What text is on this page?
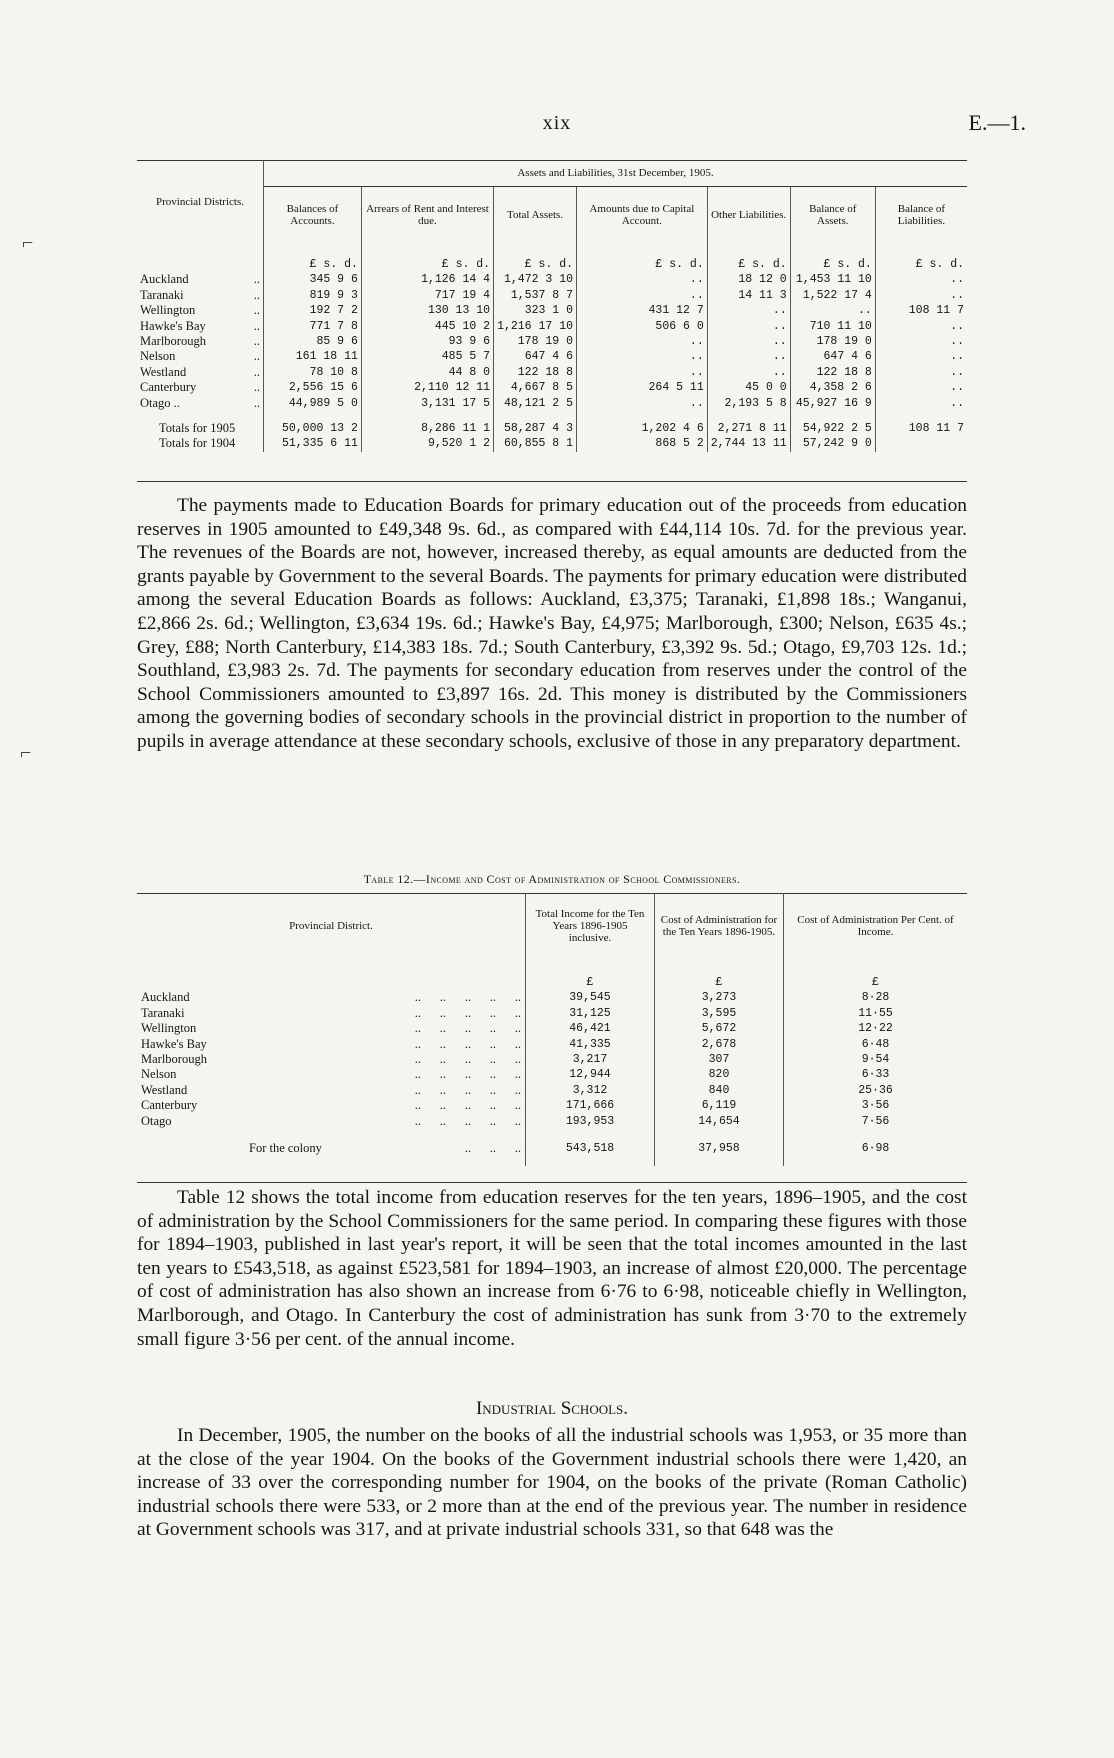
xix	E.—1.
⌐
⌐
Provincial Districts.	Assets and Liabilities, 31st December, 1905.						
	Balances of Accounts.	Arrears of Rent and Interest due.	Total Assets.	Amounts due to Capital Account.	Other Liabilities.	Balance of Assets.	Balance of Liabilities.
	£ s. d.	£ s. d.	£ s. d.	£ s. d.	£ s. d.	£ s. d.	£ s. d.
Auckland ..	345 9 6	1,126 14 4	1,472 3 10	..	18 12 0	1,453 11 10	..
Taranaki ..	819 9 3	717 19 4	1,537 8 7	..	14 11 3	1,522 17 4	..
Wellington ..	192 7 2	130 13 10	323 1 0	431 12 7	..	..	108 11 7
Hawke's Bay ..	771 7 8	445 10 2	1,216 17 10	506 6 0	..	710 11 10	..
Marlborough ..	85 9 6	93 9 6	178 19 0	..	..	178 19 0	..
Nelson ..	161 18 11	485 5 7	647 4 6	..	..	647 4 6	..
Westland ..	78 10 8	44 8 0	122 18 8	..	..	122 18 8	..
Canterbury ..	2,556 15 6	2,110 12 11	4,667 8 5	264 5 11	45 0 0	4,358 2 6	..
Otago .. ..	44,989 5 0	3,131 17 5	48,121 2 5	..	2,193 5 8	45,927 16 9	..
Totals for 1905	50,000 13 2	8,286 11 1	58,287 4 3	1,202 4 6	2,271 8 11	54,922 2 5	108 11 7
Totals for 1904	51,335 6 11	9,520 1 2	60,855 8 1	868 5 2	2,744 13 11	57,242 9 0	

The payments made to Education Boards for primary education out of the proceeds from education reserves in 1905 amounted to £49,348 9s. 6d., as compared with £44,114 10s. 7d. for the previous year. The revenues of the Boards are not, however, increased thereby, as equal amounts are deducted from the grants payable by Government to the several Boards. The payments for primary education were distributed among the several Education Boards as follows: Auckland, £3,375; Taranaki, £1,898 18s.; Wanganui, £2,866 2s. 6d.; Wellington, £3,634 19s. 6d.; Hawke's Bay, £4,975; Marlborough, £300; Nelson, £635 4s.; Grey, £88; North Canterbury, £14,383 18s. 7d.; South Canterbury, £3,392 9s. 5d.; Otago, £9,703 12s. 1d.; Southland, £3,983 2s. 7d. The payments for secondary education from reserves under the control of the School Commissioners amounted to £3,897 16s. 2d. This money is distributed by the Commissioners among the governing bodies of secondary schools in the provincial district in proportion to the number of pupils in average attendance at these secondary schools, exclusive of those in any preparatory department.

Table 12.—Income and Cost of Administration of School Commissioners.
Provincial District.	Total Income for the Ten Years 1896-1905 inclusive.	Cost of Administration for the Ten Years 1896-1905.	Cost of Administration Per Cent. of Income.
	£	£	£
Auckland ..      ..      ..      ..      ..	39,545	3,273	8·28
Taranaki ..      ..      ..      ..      ..	31,125	3,595	11·55
Wellington ..      ..      ..      ..      ..	46,421	5,672	12·22
Hawke's Bay ..      ..      ..      ..      ..	41,335	2,678	6·48
Marlborough ..      ..      ..      ..      ..	3,217	307	9·54
Nelson ..      ..      ..      ..      ..	12,944	820	6·33
Westland ..      ..      ..      ..      ..	3,312	840	25·36
Canterbury ..      ..      ..      ..      ..	171,666	6,119	3·56
Otago ..      ..      ..      ..      ..	193,953	14,654	7·56
For the colony ..      ..      ..	543,518	37,958	6·98

Table 12 shows the total income from education reserves for the ten years, 1896–1905, and the cost of administration by the School Commissioners for the same period. In comparing these figures with those for 1894–1903, published in last year's report, it will be seen that the total incomes amounted in the last ten years to £543,518, as against £523,581 for 1894–1903, an increase of almost £20,000. The percentage of cost of administration has also shown an increase from 6·76 to 6·98, noticeable chiefly in Wellington, Marlborough, and Otago. In Canterbury the cost of administration has sunk from 3·70 to the extremely small figure 3·56 per cent. of the annual income.

Industrial Schools.

In December, 1905, the number on the books of all the industrial schools was 1,953, or 35 more than at the close of the year 1904. On the books of the Government industrial schools there were 1,420, an increase of 33 over the corresponding number for 1904, on the books of the private (Roman Catholic) industrial schools there were 533, or 2 more than at the end of the previous year. The number in residence at Government schools was 317, and at private industrial schools 331, so that 648 was the
